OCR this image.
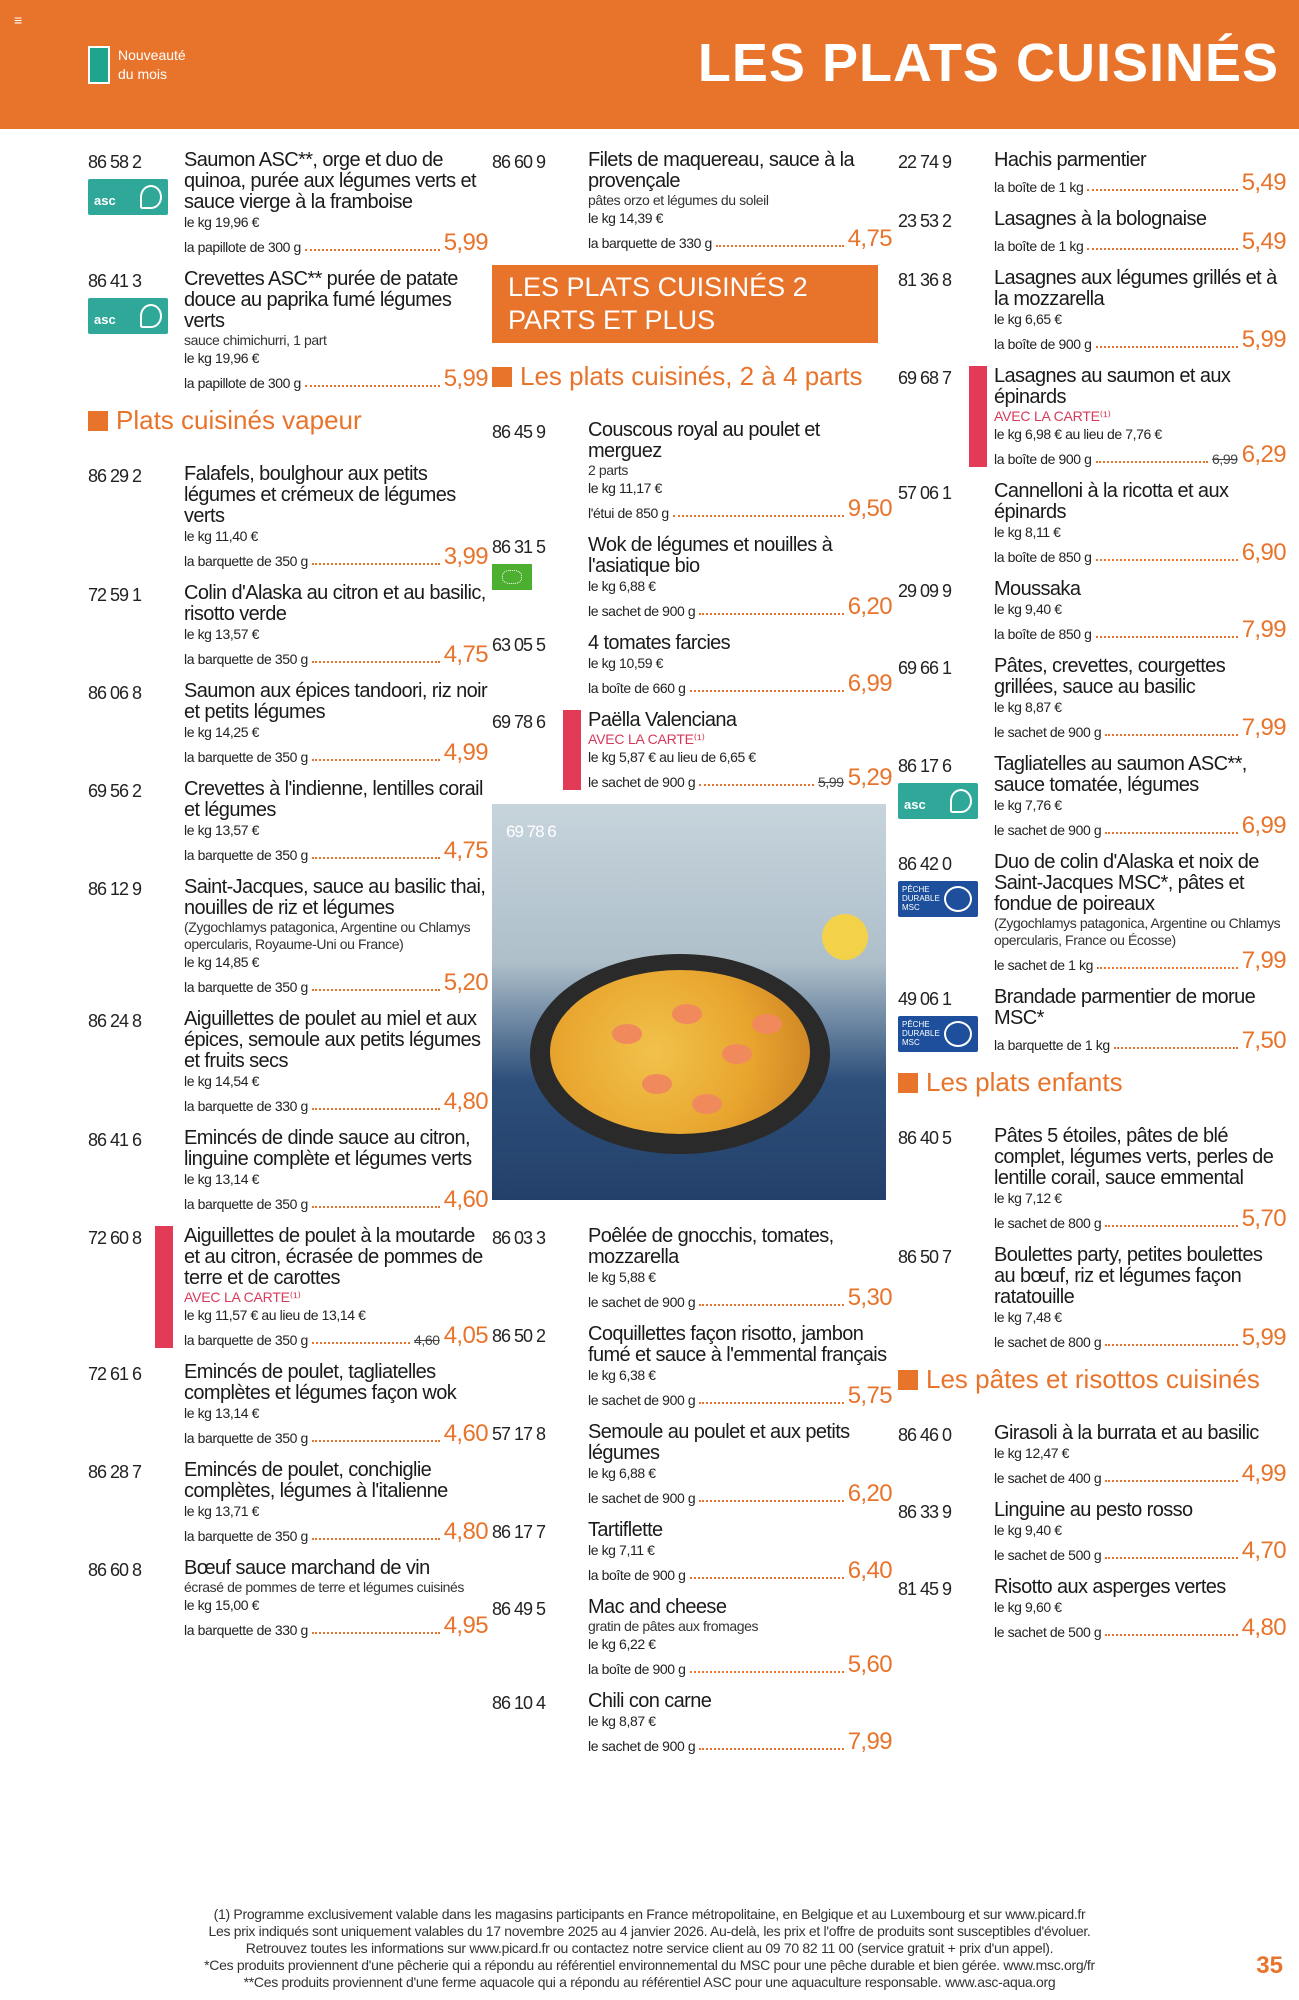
≡
Nouveauté
du mois	LES PLATS CUISINÉS
86 58 2
asc
Saumon ASC**, orge et duo de quinoa, purée aux légumes verts et sauce vierge à la framboise
le kg 19,96 €
la papillote de 300 g	5,99
86 41 3
asc
Crevettes ASC** purée de patate douce au paprika fumé légumes verts
sauce chimichurri, 1 part
le kg 19,96 €
la papillote de 300 g	5,99
Plats cuisinés vapeur
86 29 2	Falafels, boulghour aux petits légumes et crémeux de légumes verts
le kg 11,40 €
la barquette de 350 g	3,99
72 59 1	Colin d'Alaska au citron et au basilic, risotto verde
le kg 13,57 €
la barquette de 350 g	4,75
86 06 8	Saumon aux épices tandoori, riz noir et petits légumes
le kg 14,25 €
la barquette de 350 g	4,99
69 56 2	Crevettes à l'indienne, lentilles corail et légumes
le kg 13,57 €
la barquette de 350 g	4,75
86 12 9	Saint-Jacques, sauce au basilic thai, nouilles de riz et légumes
(Zygochlamys patagonica, Argentine ou Chlamys opercularis, Royaume-Uni ou France)
le kg 14,85 €
la barquette de 350 g	5,20
86 24 8	Aiguillettes de poulet au miel et aux épices, semoule aux petits légumes et fruits secs
le kg 14,54 €
la barquette de 330 g	4,80
86 41 6	Emincés de dinde sauce au citron, linguine complète et légumes verts
le kg 13,14 €
la barquette de 350 g	4,60
72 60 8	Aiguillettes de poulet à la moutarde et au citron, écrasée de pommes de terre et de carottes
AVEC LA CARTE⁽¹⁾
le kg 11,57 € au lieu de 13,14 €
la barquette de 350 g	4,60 4,05
72 61 6	Emincés de poulet, tagliatelles complètes et légumes façon wok
le kg 13,14 €
la barquette de 350 g	4,60
86 28 7	Emincés de poulet, conchiglie complètes, légumes à l'italienne
le kg 13,71 €
la barquette de 350 g	4,80
86 60 8	Bœuf sauce marchand de vin
écrasé de pommes de terre et légumes cuisinés
le kg 15,00 €
la barquette de 330 g	4,95
86 60 9	Filets de maquereau, sauce à la provençale
pâtes orzo et légumes du soleil
le kg 14,39 €
la barquette de 330 g	4,75
LES PLATS CUISINÉS 2 PARTS ET PLUS
Les plats cuisinés, 2 à 4 parts
86 45 9	Couscous royal au poulet et merguez
2 parts
le kg 11,17 €
l'étui de 850 g	9,50
86 31 5	Wok de légumes et nouilles à l'asiatique bio
le kg 6,88 €
le sachet de 900 g	6,20
63 05 5	4 tomates farcies
le kg 10,59 €
la boîte de 660 g	6,99
69 78 6	Paëlla Valenciana
AVEC LA CARTE⁽¹⁾
le kg 5,87 € au lieu de 6,65 €
le sachet de 900 g	5,99 5,29
69 78 6
86 03 3	Poêlée de gnocchis, tomates, mozzarella
le kg 5,88 €
le sachet de 900 g	5,30
86 50 2	Coquillettes façon risotto, jambon fumé et sauce à l'emmental français
le kg 6,38 €
le sachet de 900 g	5,75
57 17 8	Semoule au poulet et aux petits légumes
le kg 6,88 €
le sachet de 900 g	6,20
86 17 7	Tartiflette
le kg 7,11 €
la boîte de 900 g	6,40
86 49 5	Mac and cheese
gratin de pâtes aux fromages
le kg 6,22 €
la boîte de 900 g	5,60
86 10 4	Chili con carne
le kg 8,87 €
le sachet de 900 g	7,99
22 74 9	Hachis parmentier
la boîte de 1 kg	5,49
23 53 2	Lasagnes à la bolognaise
la boîte de 1 kg	5,49
81 36 8	Lasagnes aux légumes grillés et à la mozzarella
le kg 6,65 €
la boîte de 900 g	5,99
69 68 7	Lasagnes au saumon et aux épinards
AVEC LA CARTE⁽¹⁾
le kg 6,98 € au lieu de 7,76 €
la boîte de 900 g	6,99 6,29
57 06 1	Cannelloni à la ricotta et aux épinards
le kg 8,11 €
la boîte de 850 g	6,90
29 09 9	Moussaka
le kg 9,40 €
la boîte de 850 g	7,99
69 66 1	Pâtes, crevettes, courgettes grillées, sauce au basilic
le kg 8,87 €
le sachet de 900 g	7,99
86 17 6
asc
Tagliatelles au saumon ASC**, sauce tomatée, légumes
le kg 7,76 €
le sachet de 900 g	6,99
86 42 0
PÊCHE
DURABLE
MSC
Duo de colin d'Alaska et noix de Saint-Jacques MSC*, pâtes et fondue de poireaux
(Zygochlamys patagonica, Argentine ou Chlamys opercularis, France ou Écosse)
le sachet de 1 kg	7,99
49 06 1
PÊCHE
DURABLE
MSC
Brandade parmentier de morue MSC*
la barquette de 1 kg	7,50
Les plats enfants
86 40 5	Pâtes 5 étoiles, pâtes de blé complet, légumes verts, perles de lentille corail, sauce emmental
le kg 7,12 €
le sachet de 800 g	5,70
86 50 7	Boulettes party, petites boulettes au bœuf, riz et légumes façon ratatouille
le kg 7,48 €
le sachet de 800 g	5,99
Les pâtes et risottos cuisinés
86 46 0	Girasoli à la burrata et au basilic
le kg 12,47 €
le sachet de 400 g	4,99
86 33 9	Linguine au pesto rosso
le kg 9,40 €
le sachet de 500 g	4,70
81 45 9	Risotto aux asperges vertes
le kg 9,60 €
le sachet de 500 g	4,80
(1) Programme exclusivement valable dans les magasins participants en France métropolitaine, en Belgique et au Luxembourg et sur www.picard.fr
Les prix indiqués sont uniquement valables du 17 novembre 2025 au 4 janvier 2026. Au-delà, les prix et l'offre de produits sont susceptibles d'évoluer.
Retrouvez toutes les informations sur www.picard.fr ou contactez notre service client au 09 70 82 11 00 (service gratuit + prix d'un appel).
*Ces produits proviennent d'une pêcherie qui a répondu au référentiel environnemental du MSC pour une pêche durable et bien gérée. www.msc.org/fr
**Ces produits proviennent d'une ferme aquacole qui a répondu au référentiel ASC pour une aquaculture responsable. www.asc-aqua.org
35
